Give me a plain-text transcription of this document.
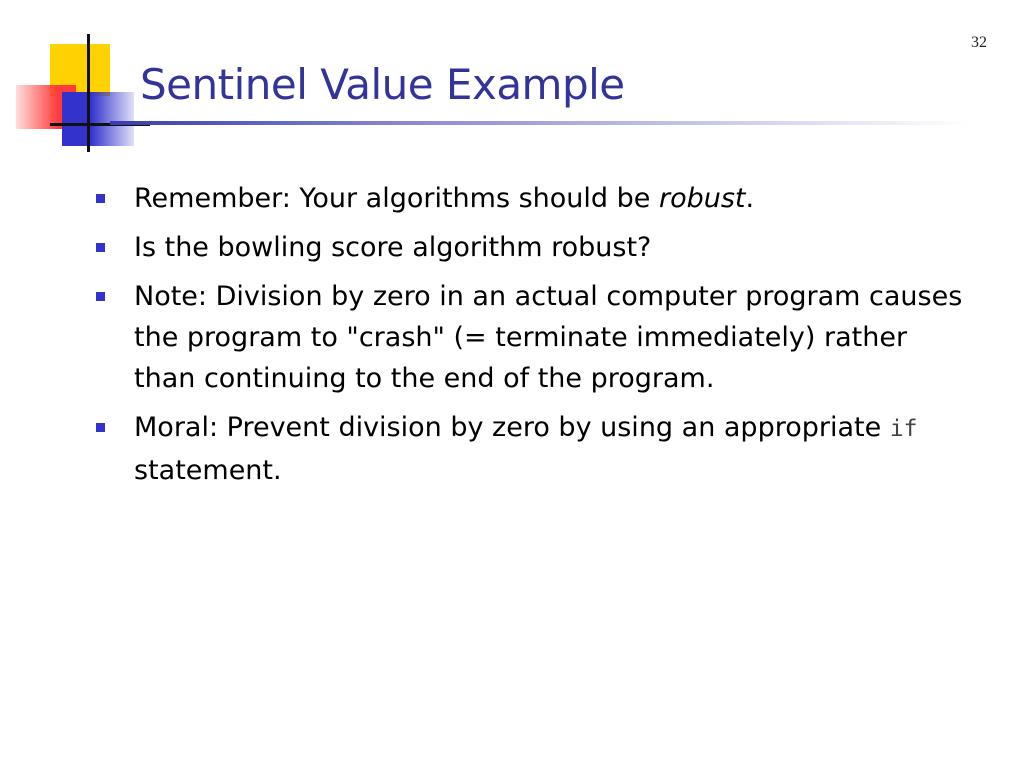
32
Sentinel Value Example
Remember: Your algorithms should be robust.
Is the bowling score algorithm robust?
Note: Division by zero in an actual computer program causes the program to "crash" (= terminate immediately) rather than continuing to the end of the program.
Moral: Prevent division by zero by using an appropriate if statement.
